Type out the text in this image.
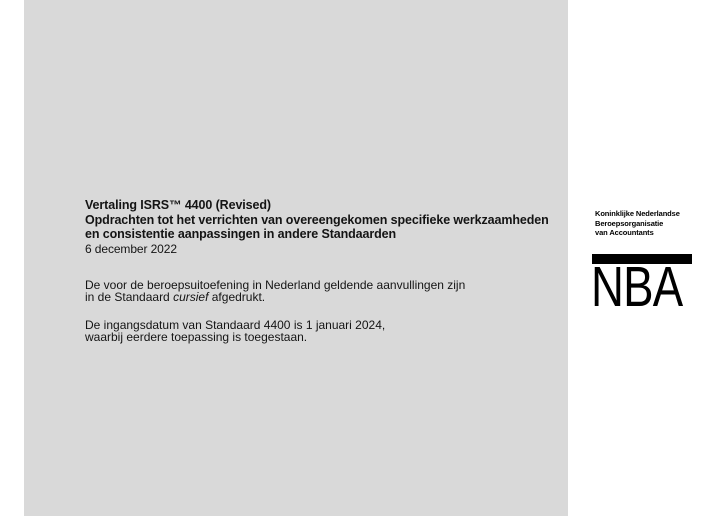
Vertaling ISRS™ 4400 (Revised)
Opdrachten tot het verrichten van overeengekomen specifieke werkzaamheden
en consistentie aanpassingen in andere Standaarden
6 december 2022
De voor de beroepsuitoefening in Nederland geldende aanvullingen zijn
in de Standaard cursief afgedrukt.
De ingangsdatum van Standaard 4400 is 1 januari 2024,
waarbij eerdere toepassing is toegestaan.
Koninklijke Nederlandse
Beroepsorganisatie
van Accountants
NBA
